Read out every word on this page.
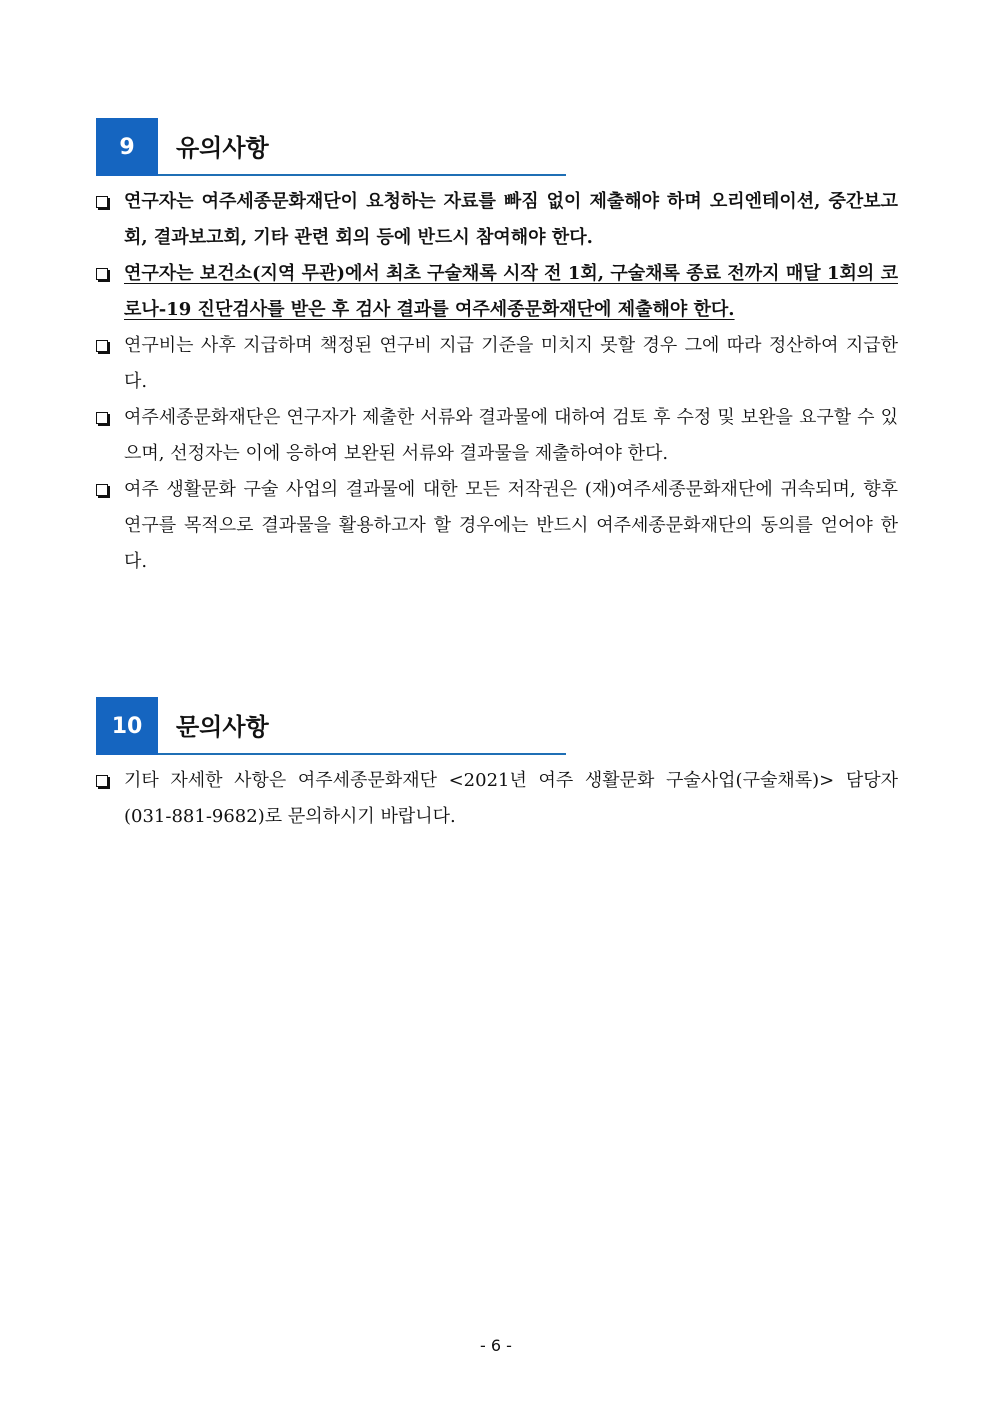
9	유의사항

연구자는 여주세종문화재단이 요청하는 자료를 빠짐 없이 제출해야 하며 오리엔테이션, 중간보고회, 결과보고회, 기타 관련 회의 등에 반드시 참여해야 한다.

연구자는 보건소(지역 무관)에서 최초 구술채록 시작 전 1회, 구술채록 종료 전까지 매달 1회의 코로나-19 진단검사를 받은 후 검사 결과를 여주세종문화재단에 제출해야 한다.

연구비는 사후 지급하며 책정된 연구비 지급 기준을 미치지 못할 경우 그에 따라 정산하여 지급한다.

여주세종문화재단은 연구자가 제출한 서류와 결과물에 대하여 검토 후 수정 및 보완을 요구할 수 있으며, 선정자는 이에 응하여 보완된 서류와 결과물을 제출하여야 한다.

여주 생활문화 구술 사업의 결과물에 대한 모든 저작권은 (재)여주세종문화재단에 귀속되며, 향후 연구를 목적으로 결과물을 활용하고자 할 경우에는 반드시 여주세종문화재단의 동의를 얻어야 한다.

10	문의사항

기타 자세한 사항은 여주세종문화재단 <2021년 여주 생활문화 구술사업(구술채록)> 담당자(031-881-9682)로 문의하시기 바랍니다.

- 6 -
